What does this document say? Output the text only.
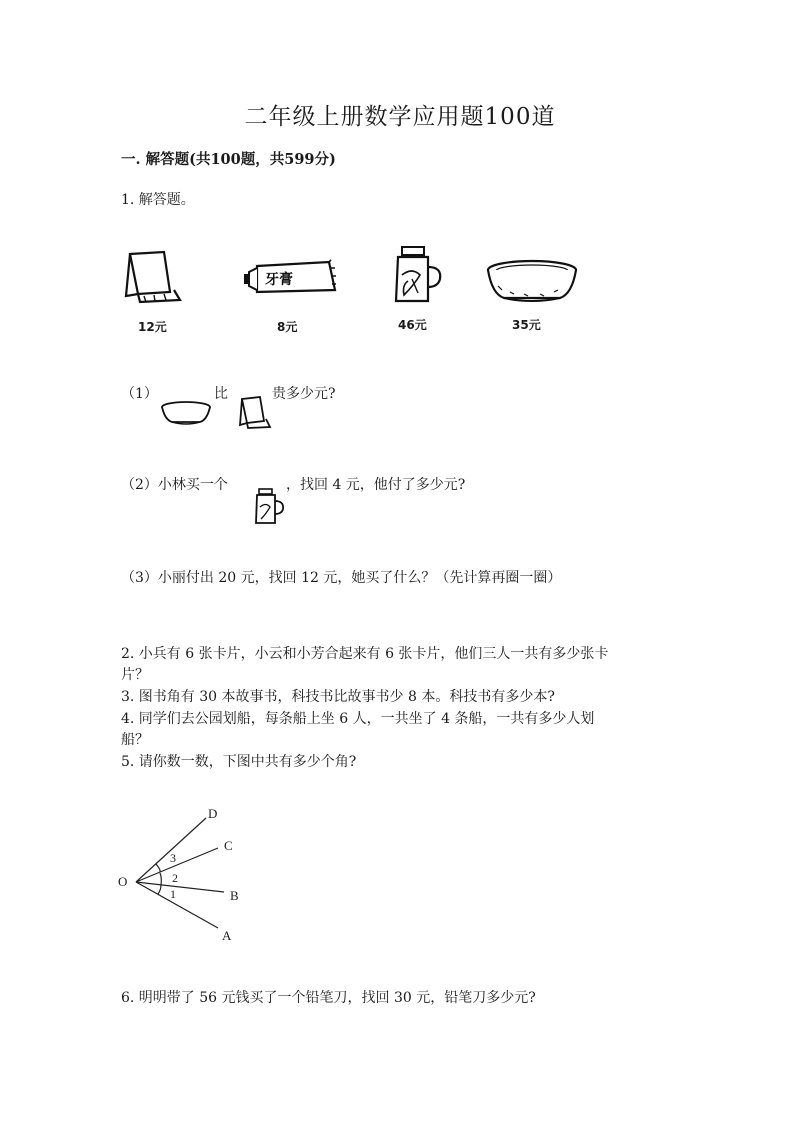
二年级上册数学应用题100道
一. 解答题(共100题，共599分)
1. 解答题。
12元
牙膏
8元	46元	35元
（1）	比	贵多少元?
（2）小林买一个	，找回 4 元，他付了多少元?
（3）小丽付出 20 元，找回 12 元，她买了什么？（先计算再圈一圈）
2. 小兵有 6 张卡片，小云和小芳合起来有 6 张卡片，他们三人一共有多少张卡
片？
3. 图书角有 30 本故事书，科技书比故事书少 8 本。科技书有多少本?
4. 同学们去公园划船，每条船上坐 6 人，一共坐了 4 条船，一共有多少人划
船？
5. 请你数一数，下图中共有多少个角?
O
D
C
B
A
3
2
1
6. 明明带了 56 元钱买了一个铅笔刀，找回 30 元，铅笔刀多少元?
